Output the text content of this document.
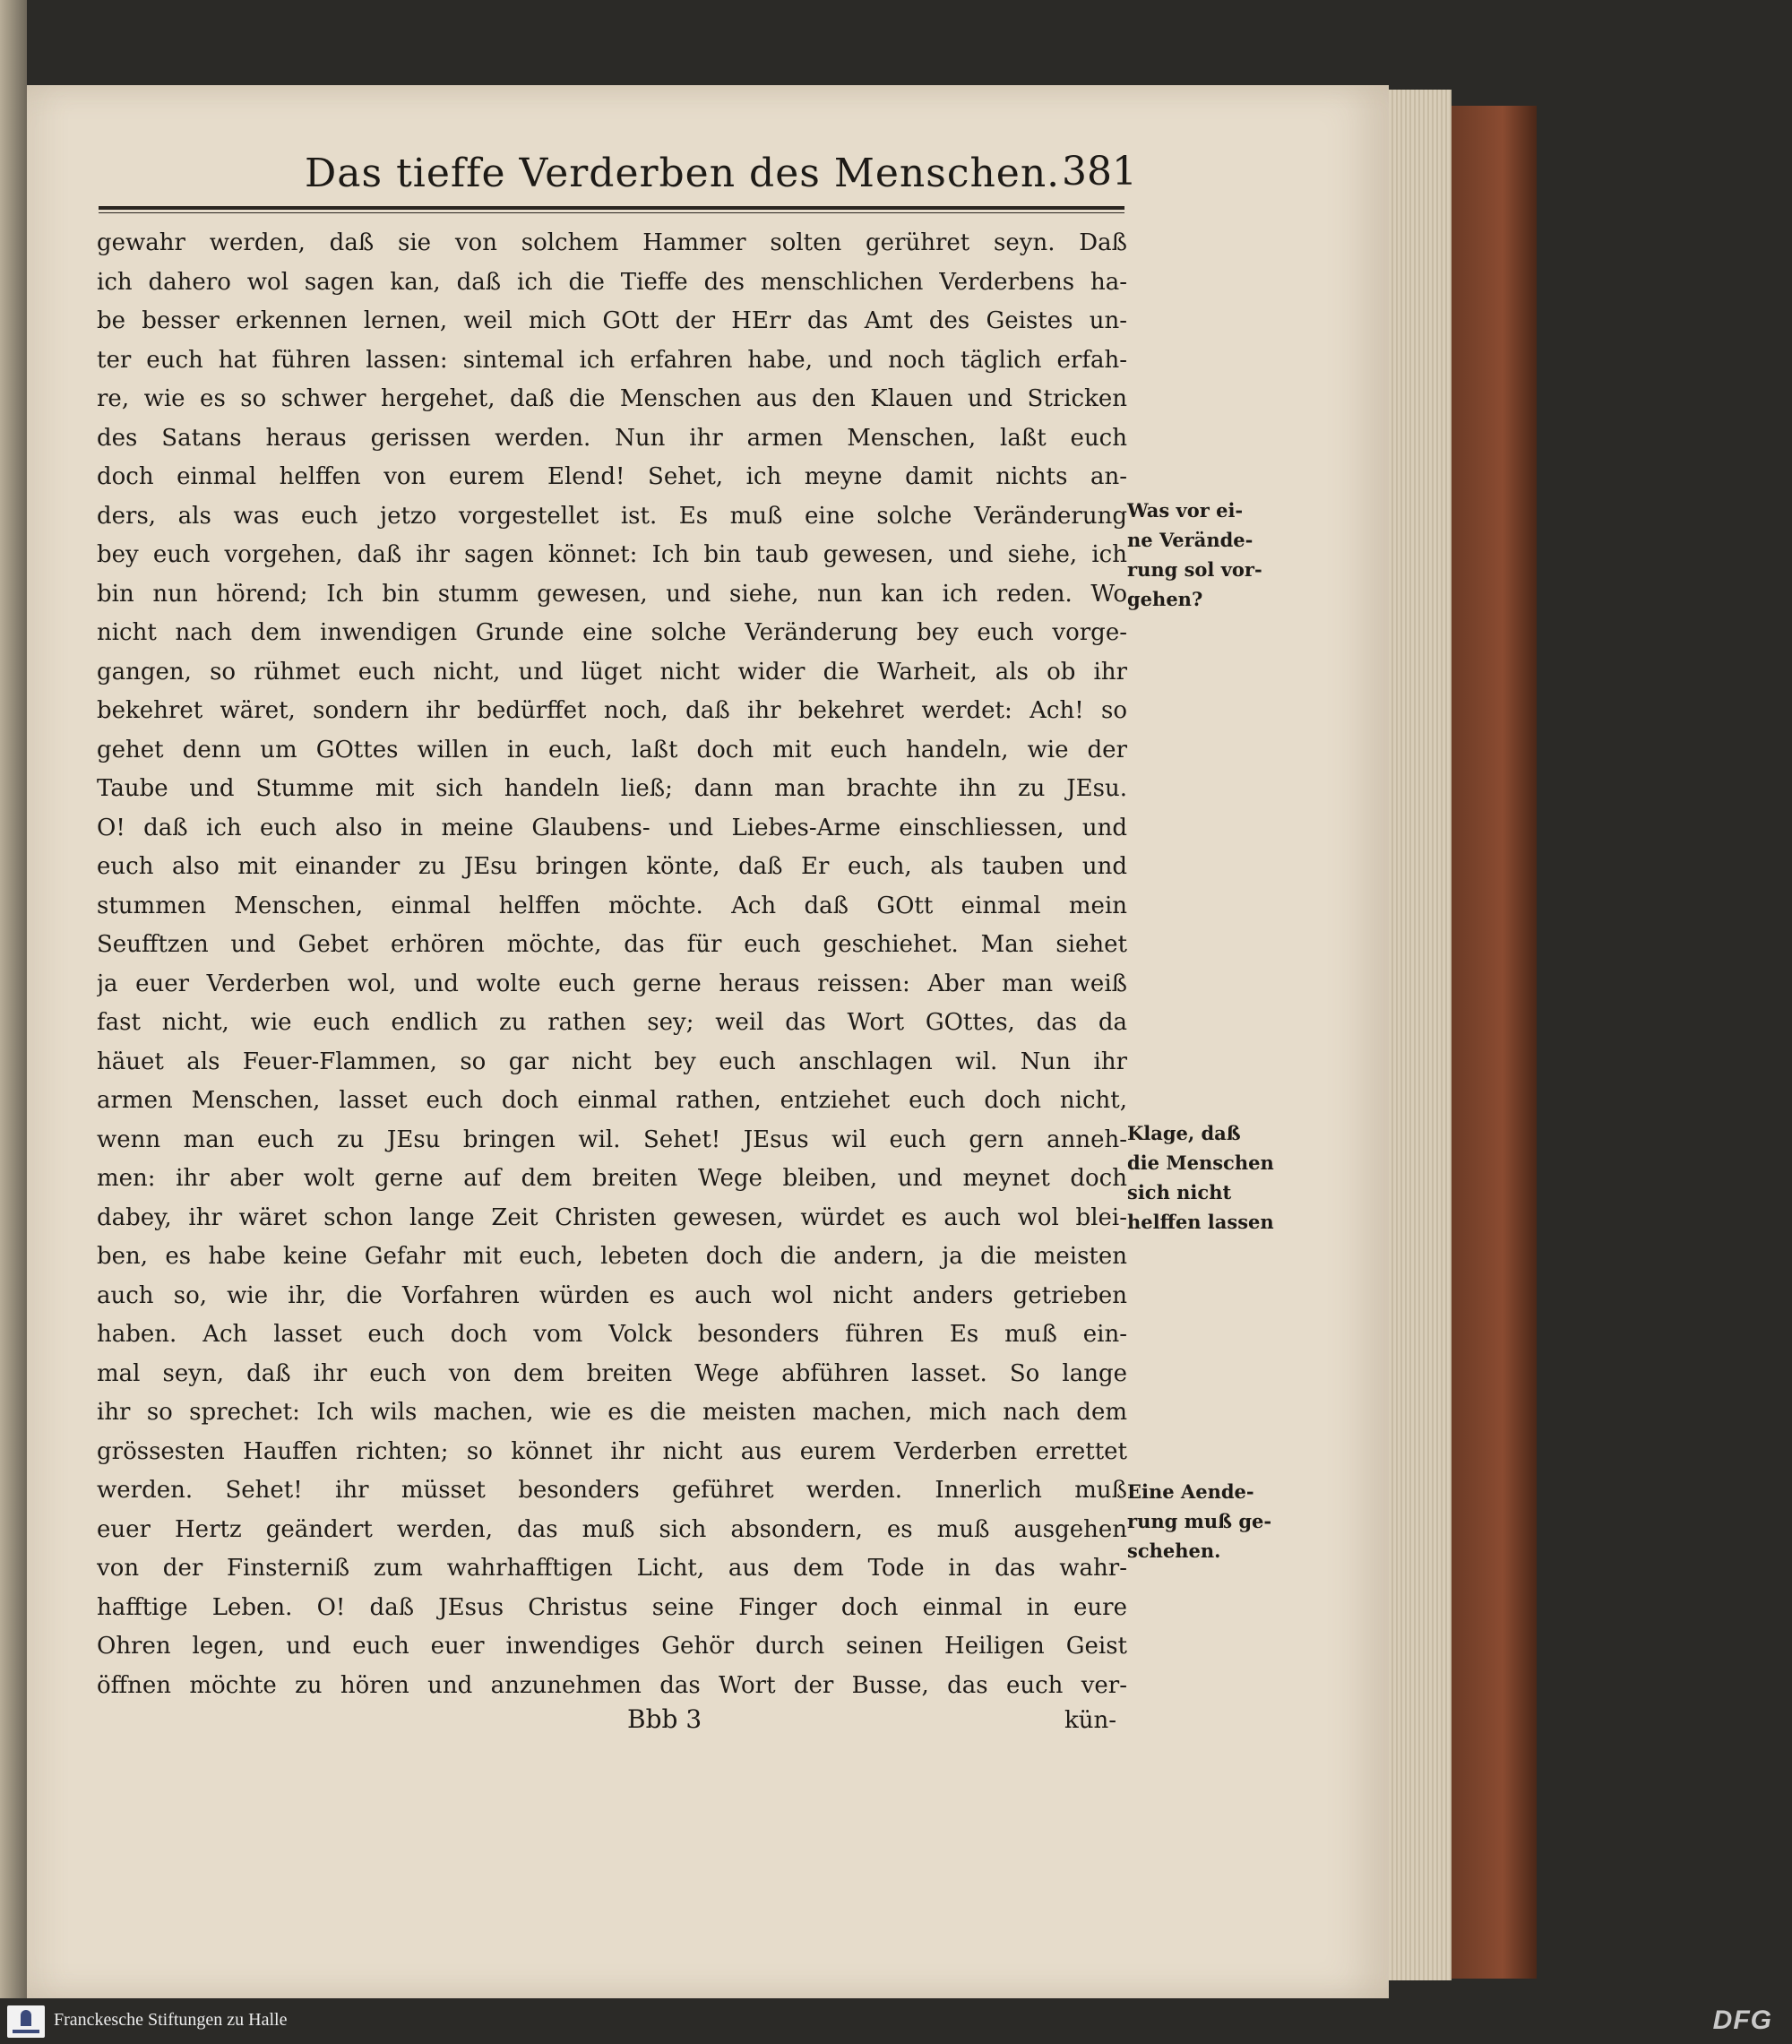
Das tieffe Verderben des Menschen. 381
gewahr werden, daß sie von solchem Hammer solten gerühret seyn. Daß
ich dahero wol sagen kan, daß ich die Tieffe des menschlichen Verderbens ha-
be besser erkennen lernen, weil mich GOtt der HErr das Amt des Geistes un-
ter euch hat führen lassen: sintemal ich erfahren habe, und noch täglich erfah-
re, wie es so schwer hergehet, daß die Menschen aus den Klauen und Stricken
des Satans heraus gerissen werden. Nun ihr armen Menschen, laßt euch
doch einmal helffen von eurem Elend! Sehet, ich meyne damit nichts an-
ders, als was euch jetzo vorgestellet ist. Es muß eine solche Veränderung
bey euch vorgehen, daß ihr sagen könnet: Ich bin taub gewesen, und siehe, ich
bin nun hörend; Ich bin stumm gewesen, und siehe, nun kan ich reden. Wo
nicht nach dem inwendigen Grunde eine solche Veränderung bey euch vorge-
gangen, so rühmet euch nicht, und lüget nicht wider die Warheit, als ob ihr
bekehret wäret, sondern ihr bedürffet noch, daß ihr bekehret werdet: Ach! so
gehet denn um GOttes willen in euch, laßt doch mit euch handeln, wie der
Taube und Stumme mit sich handeln ließ; dann man brachte ihn zu JEsu.
O! daß ich euch also in meine Glaubens- und Liebes-Arme einschliessen, und
euch also mit einander zu JEsu bringen könte, daß Er euch, als tauben und
stummen Menschen, einmal helffen möchte. Ach daß GOtt einmal mein
Seufftzen und Gebet erhören möchte, das für euch geschiehet. Man siehet
ja euer Verderben wol, und wolte euch gerne heraus reissen: Aber man weiß
fast nicht, wie euch endlich zu rathen sey; weil das Wort GOttes, das da
häuet als Feuer-Flammen, so gar nicht bey euch anschlagen wil. Nun ihr
armen Menschen, lasset euch doch einmal rathen, entziehet euch doch nicht,
wenn man euch zu JEsu bringen wil. Sehet! JEsus wil euch gern anneh-
men: ihr aber wolt gerne auf dem breiten Wege bleiben, und meynet doch
dabey, ihr wäret schon lange Zeit Christen gewesen, würdet es auch wol blei-
ben, es habe keine Gefahr mit euch, lebeten doch die andern, ja die meisten
auch so, wie ihr, die Vorfahren würden es auch wol nicht anders getrieben
haben. Ach lasset euch doch vom Volck besonders führen Es muß ein-
mal seyn, daß ihr euch von dem breiten Wege abführen lasset. So lange
ihr so sprechet: Ich wils machen, wie es die meisten machen, mich nach dem
grössesten Hauffen richten; so könnet ihr nicht aus eurem Verderben errettet
werden. Sehet! ihr müsset besonders geführet werden. Innerlich muß
euer Hertz geändert werden, das muß sich absondern, es muß ausgehen
von der Finsterniß zum wahrhafftigen Licht, aus dem Tode in das wahr-
hafftige Leben. O! daß JEsus Christus seine Finger doch einmal in eure
Ohren legen, und euch euer inwendiges Gehör durch seinen Heiligen Geist
öffnen möchte zu hören und anzunehmen das Wort der Busse, das euch ver-
Was vor ei-
ne Verände-
rung sol vor-
gehen?
Klage, daß
die Menschen
sich nicht
helffen lassen
Eine Aende-
rung muß ge-
schehen.
Bbb 3	kün-
Franckesche Stiftungen zu Halle	DFG
